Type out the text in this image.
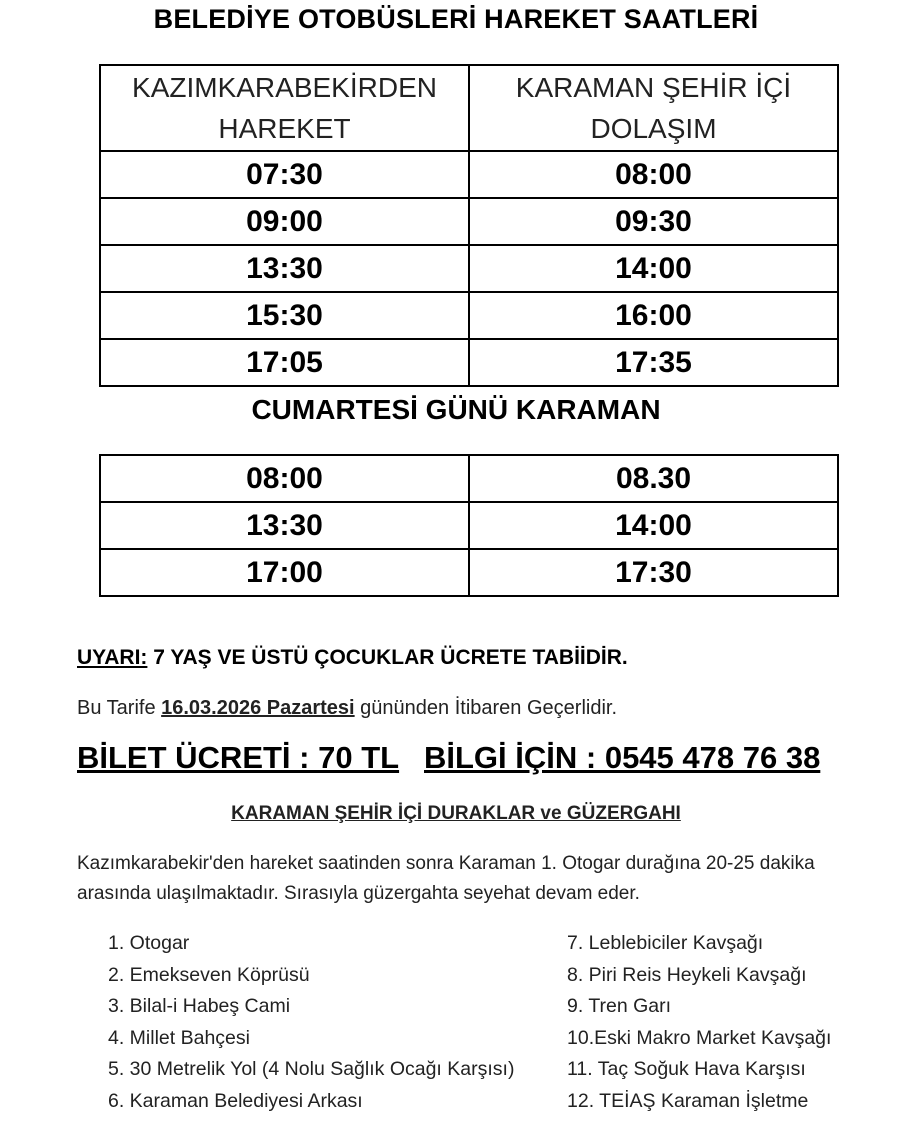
BELEDİYE OTOBÜSLERİ HAREKET SAATLERİ
KAZIMKARABEKİRDEN HAREKET	KARAMAN ŞEHİR İÇİ DOLAŞIM
07:30	08:00
09:00	09:30
13:30	14:00
15:30	16:00
17:05	17:35
CUMARTESİ GÜNÜ KARAMAN
08:00	08.30
13:30	14:00
17:00	17:30
UYARI: 7 YAŞ VE ÜSTÜ ÇOCUKLAR ÜCRETE TABİİDİR.
Bu Tarife 16.03.2026 Pazartesi gününden İtibaren Geçerlidir.
BİLET ÜCRETİ : 70 TL BİLGİ İÇİN : 0545 478 76 38
KARAMAN ŞEHİR İÇİ DURAKLAR ve GÜZERGAHI
Kazımkarabekir'den hareket saatinden sonra Karaman 1. Otogar durağına 20-25 dakika arasında ulaşılmaktadır. Sırasıyla güzergahta seyehat devam eder.
1. Otogar
2. Emekseven Köprüsü
3. Bilal-i Habeş Cami
4. Millet Bahçesi
5. 30 Metrelik Yol (4 Nolu Sağlık Ocağı Karşısı)
6. Karaman Belediyesi Arkası
7. Leblebiciler Kavşağı
8. Piri Reis Heykeli Kavşağı
9. Tren Garı
10.Eski Makro Market Kavşağı
11. Taç Soğuk Hava Karşısı
12. TEİAŞ Karaman İşletme
